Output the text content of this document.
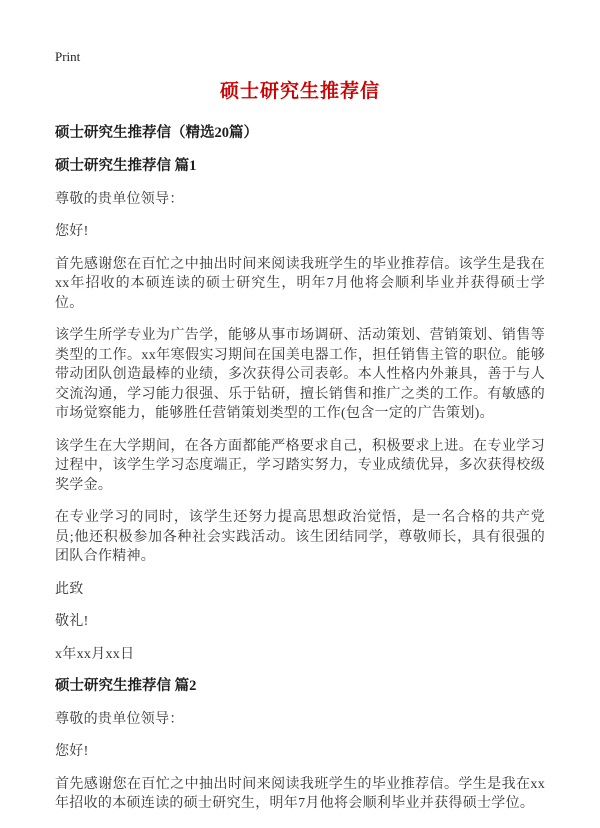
Print
硕士研究生推荐信
硕士研究生推荐信（精选20篇）
硕士研究生推荐信 篇1

尊敬的贵单位领导：

您好!

首先感谢您在百忙之中抽出时间来阅读我班学生的毕业推荐信。该学生是我在xx年招收的本硕连读的硕士研究生，明年7月他将会顺利毕业并获得硕士学位。

该学生所学专业为广告学，能够从事市场调研、活动策划、营销策划、销售等类型的工作。xx年寒假实习期间在国美电器工作，担任销售主管的职位。能够带动团队创造最棒的业绩，多次获得公司表彰。本人性格内外兼具，善于与人交流沟通，学习能力很强、乐于钻研，擅长销售和推广之类的工作。有敏感的市场觉察能力，能够胜任营销策划类型的工作(包含一定的广告策划)。

该学生在大学期间，在各方面都能严格要求自己，积极要求上进。在专业学习过程中，该学生学习态度端正，学习踏实努力，专业成绩优异，多次获得校级奖学金。

在专业学习的同时，该学生还努力提高思想政治觉悟，是一名合格的共产党员;他还积极参加各种社会实践活动。该生团结同学，尊敬师长，具有很强的团队合作精神。

此致

敬礼!

x年xx月xx日

硕士研究生推荐信 篇2

尊敬的贵单位领导：

您好!

首先感谢您在百忙之中抽出时间来阅读我班学生的毕业推荐信。学生是我在xx年招收的本硕连读的硕士研究生，明年7月他将会顺利毕业并获得硕士学位。
